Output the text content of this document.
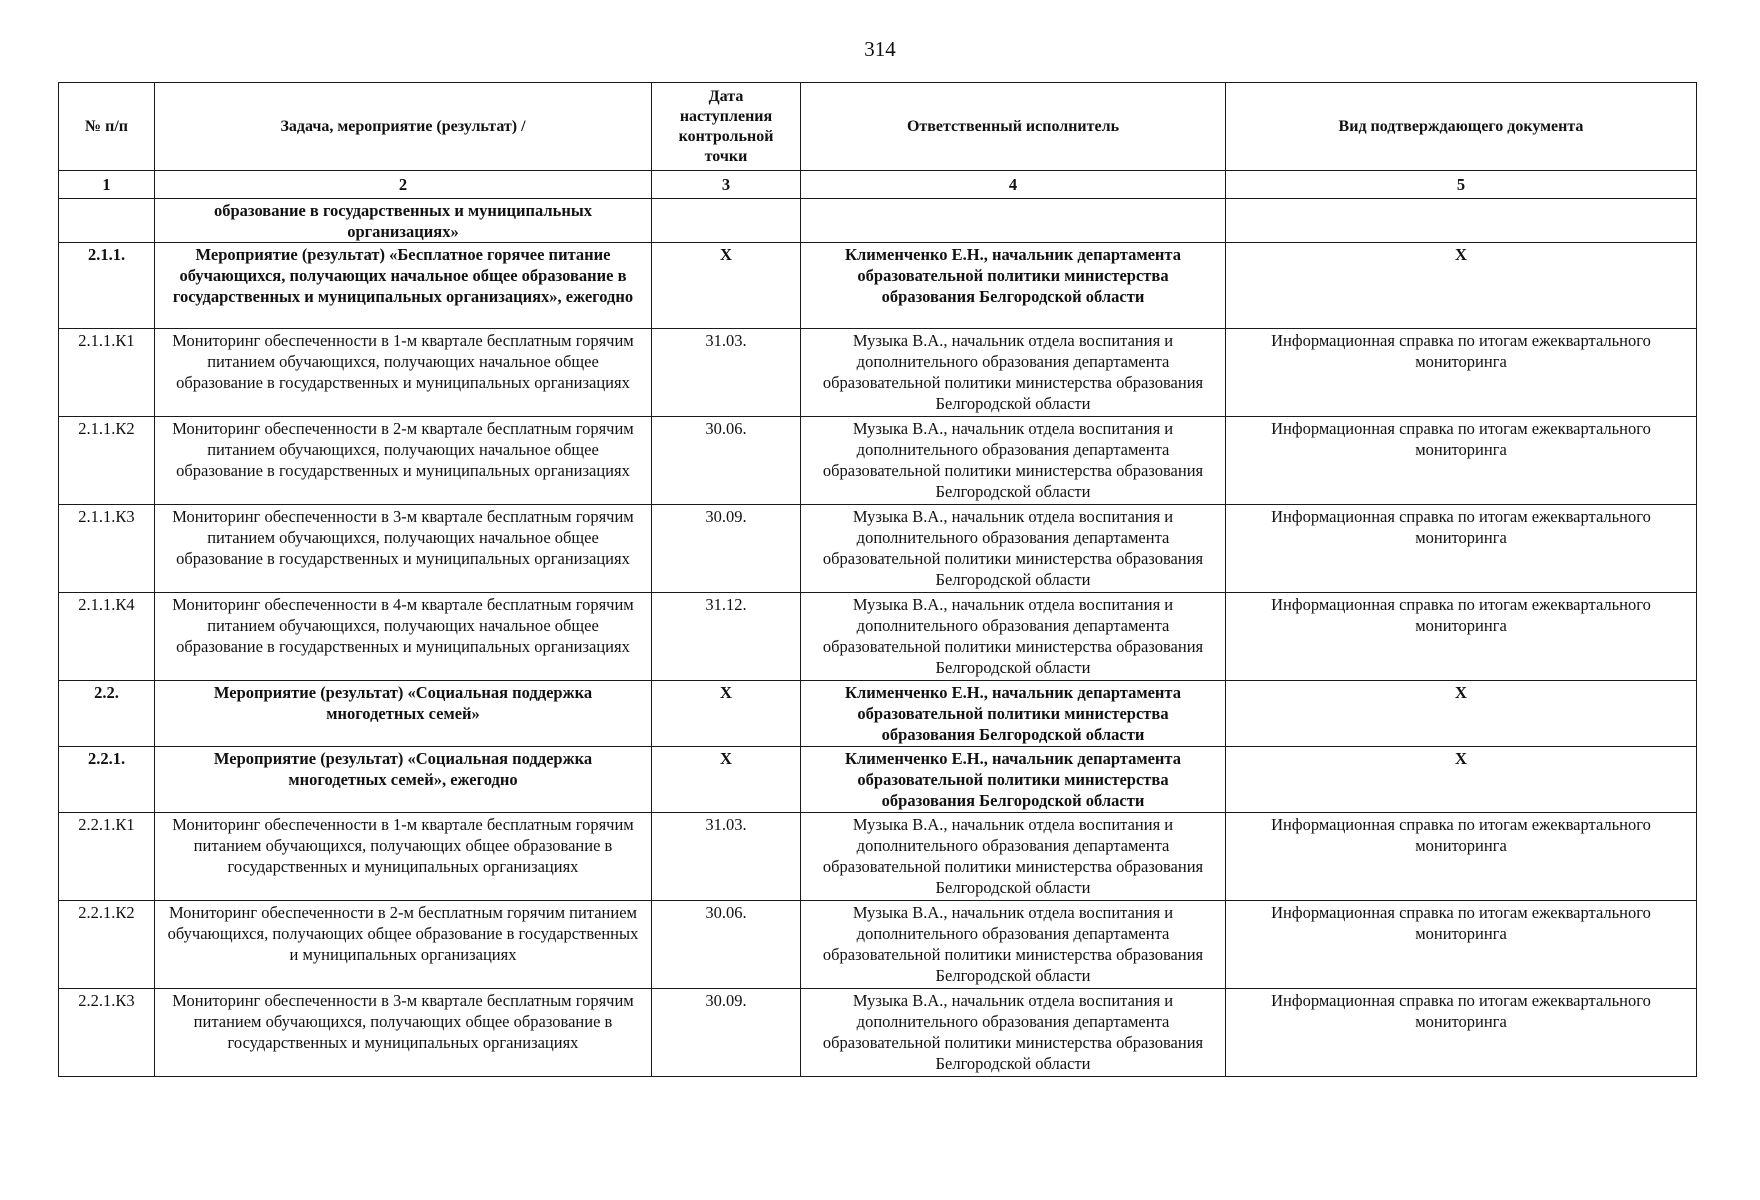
314
№ п/п	Задача, мероприятие (результат) /	Дата наступления контрольной точки	Ответственный исполнитель	Вид подтверждающего документа
1	2	3	4	5
	образование в государственных и муниципальных организациях»			
2.1.1.	Мероприятие (результат) «Бесплатное горячее питание обучающихся, получающих начальное общее образование в государственных и муниципальных организациях», ежегодно	X	Клименченко Е.Н., начальник департамента образовательной политики министерства образования Белгородской области	X
2.1.1.К1	Мониторинг обеспеченности в 1-м квартале бесплатным горячим питанием обучающихся, получающих начальное общее образование в государственных и муниципальных организациях	31.03.	Музыка В.А., начальник отдела воспитания и дополнительного образования департамента образовательной политики министерства образования Белгородской области	Информационная справка по итогам ежеквартального мониторинга
2.1.1.К2	Мониторинг обеспеченности в 2-м квартале бесплатным горячим питанием обучающихся, получающих начальное общее образование в государственных и муниципальных организациях	30.06.	Музыка В.А., начальник отдела воспитания и дополнительного образования департамента образовательной политики министерства образования Белгородской области	Информационная справка по итогам ежеквартального мониторинга
2.1.1.К3	Мониторинг обеспеченности в 3-м квартале бесплатным горячим питанием обучающихся, получающих начальное общее образование в государственных и муниципальных организациях	30.09.	Музыка В.А., начальник отдела воспитания и дополнительного образования департамента образовательной политики министерства образования Белгородской области	Информационная справка по итогам ежеквартального мониторинга
2.1.1.К4	Мониторинг обеспеченности в 4-м квартале бесплатным горячим питанием обучающихся, получающих начальное общее образование в государственных и муниципальных организациях	31.12.	Музыка В.А., начальник отдела воспитания и дополнительного образования департамента образовательной политики министерства образования Белгородской области	Информационная справка по итогам ежеквартального мониторинга
2.2.	Мероприятие (результат) «Социальная поддержка многодетных семей»	X	Клименченко Е.Н., начальник департамента образовательной политики министерства образования Белгородской области	X
2.2.1.	Мероприятие (результат) «Социальная поддержка многодетных семей», ежегодно	X	Клименченко Е.Н., начальник департамента образовательной политики министерства образования Белгородской области	X
2.2.1.К1	Мониторинг обеспеченности в 1-м квартале бесплатным горячим питанием обучающихся, получающих общее образование в государственных и муниципальных организациях	31.03.	Музыка В.А., начальник отдела воспитания и дополнительного образования департамента образовательной политики министерства образования Белгородской области	Информационная справка по итогам ежеквартального мониторинга
2.2.1.К2	Мониторинг обеспеченности в 2-м бесплатным горячим питанием обучающихся, получающих общее образование в государственных и муниципальных организациях	30.06.	Музыка В.А., начальник отдела воспитания и дополнительного образования департамента образовательной политики министерства образования Белгородской области	Информационная справка по итогам ежеквартального мониторинга
2.2.1.К3	Мониторинг обеспеченности в 3-м квартале бесплатным горячим питанием обучающихся, получающих общее образование в государственных и муниципальных организациях	30.09.	Музыка В.А., начальник отдела воспитания и дополнительного образования департамента образовательной политики министерства образования Белгородской области	Информационная справка по итогам ежеквартального мониторинга
